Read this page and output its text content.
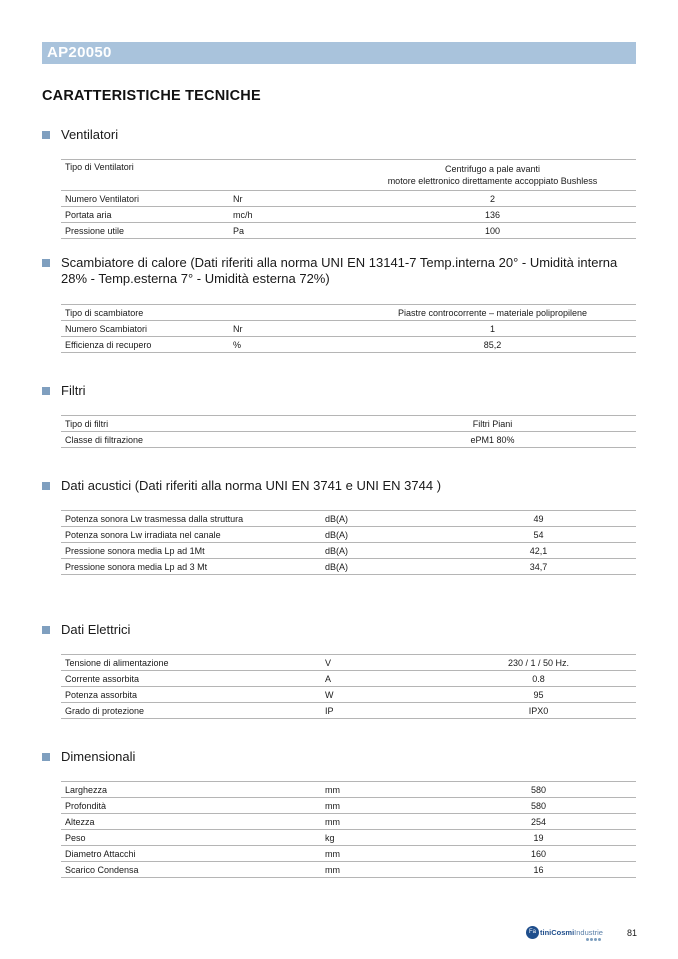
AP20050
CARATTERISTICHE TECNICHE
Ventilatori
Tipo di Ventilatori		Centrifugo a pale avanti
motore elettronico direttamente accoppiato Bushless

Numero Ventilatori	Nr	2
Portata aria	mc/h	136
Pressione utile	Pa	100
Scambiatore di calore (Dati riferiti alla norma UNI EN 13141-7 Temp.interna 20° - Umidità interna 28% - Temp.esterna 7° - Umidità esterna 72%)
Tipo di scambiatore		Piastre controcorrente – materiale polipropilene
Numero Scambiatori	Nr	1
Efficienza di recupero	%	85,2
Filtri
Tipo di filtri		Filtri Piani
Classe di filtrazione		ePM1 80%
Dati acustici (Dati riferiti alla norma UNI EN 3741 e UNI EN 3744 )
Potenza sonora Lw trasmessa dalla struttura	dB(A)	49
Potenza sonora Lw irradiata nel canale	dB(A)	54
Pressione sonora media Lp ad 1Mt	dB(A)	42,1
Pressione sonora media Lp ad 3 Mt	dB(A)	34,7
Dati Elettrici
Tensione di alimentazione	V	230 / 1 / 50 Hz.
Corrente assorbita	A	0.8
Potenza assorbita	W	95
Grado di protezione	IP	IPX0
Dimensionali
Larghezza	mm	580
Profondità	mm	580
Altezza	mm	254
Peso	kg	19
Diametro Attacchi	mm	160
Scarico Condensa	mm	16
Fa tiniCosmi Industrie	81
